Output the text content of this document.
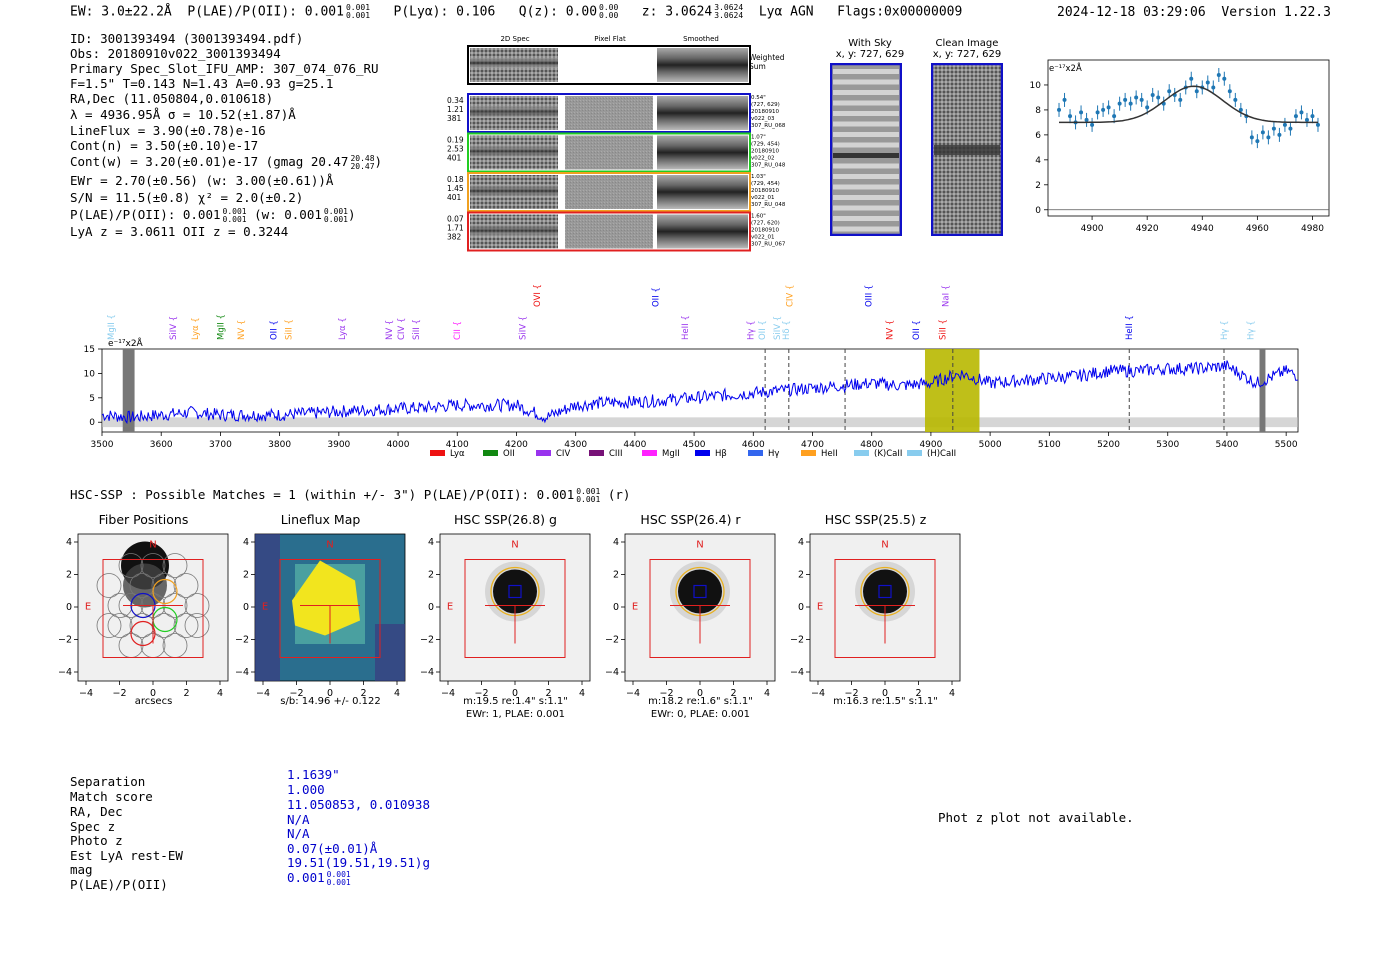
EW: 3.0±22.2Å P(LAE)/P(OII): 0.001 0.001
0.001 P(Lyα): 0.106 Q(z): 0.00 0.00
0.00 z: 3.0624 3.0624
3.0624 Lyα AGN Flags:0x00000009	2024-12-18 03:29:06 Version 1.22.3
ID: 3001393494 (3001393494.pdf)
Obs: 20180910v022_3001393494
Primary Spec_Slot_IFU_AMP: 307_074_076_RU
F=1.5" T=0.143 N=1.43 A=0.93 g=25.1
RA,Dec (11.050804,0.010618)
λ = 4936.95Å σ = 10.52(±1.87)Å
LineFlux = 3.90(±0.78)e-16
Cont(n) = 3.50(±0.10)e-17
Cont(w) = 3.20(±0.01)e-17 (gmag 20.47 20.48
20.47 )
EWr = 2.70(±0.56) (w: 3.00(±0.61))Å
S/N = 11.5(±0.8) χ² = 2.0(±0.2)
P(LAE)/P(OII): 0.001 0.001
0.001 (w: 0.001 0.001
0.001 )
LyA z = 3.0611 OII z = 0.3244
2D Spec	Pixel Flat	Smoothed
Weighted Sum
0.34
1.21
381
0.54"
(727, 629)
20180910
v022_03
307_RU_068
0.19
2.53
401
1.07"
(729, 454)
20180910
v022_02
307_RU_048
0.18
1.45
401
1.03"
(729, 454)
20180910
v022_01
307_RU_048
0.07
1.71
382
1.60"
(727, 620)
20180910
v022_01
307_RU_067
With Sky
x, y: 727, 629
Clean Image
x, y: 727, 629
e⁻¹⁷x2Å
4900	4920	4940	4960	4980
0
2
4
6
8
10
MgII {	SiIV { Lyα { MgII { NV {	OII { SiII {	Lyα {	NV { CIV { SiII {	CII {	SiIV {
OVI {	OII {
HeII {	Hγ { SiIV {
CIV {
OII { Hδ {
OIII {
NV { OII { SiII {
NaI {
HeII {	Hγ { Hγ {
e⁻¹⁷x2Å
3500	3600	3700	3800	3900	4000	4100	4200	4300	4400	4500	4600	4700	4800	4900	5000	5100	5200	5300	5400	5500
0
5
10
15
Lyα	OII	CIV	CIII	MgII	Hβ	Hγ	HeII	(K)CaII	(H)CaII
HSC-SSP : Possible Matches = 1 (within +/- 3") P(LAE)/P(OII): 0.001 0.001
0.001 (r)
Fiber Positions
N
E
−4
4
−2
2
0
0
2
−2
4
−4
arcsecs
Lineflux Map
N
E
−4
4
−2
2
0
0
2
−2
4
−4
s/b: 14.96 +/- 0.122
HSC SSP(26.8) g
N
E
−4
4
−2
2
0
0
2
−2
4
−4
m:19.5 re:1.4" s:1.1"
EWr: 1, PLAE: 0.001
HSC SSP(26.4) r
N
E
−4
4
−2
2
0
0
2
−2
4
−4
m:18.2 re:1.6" s:1.1"
EWr: 0, PLAE: 0.001
HSC SSP(25.5) z
N
E
−4
4
−2
2
0
0
2
−2
4
−4
m:16.3 re:1.5" s:1.1"
Separation	1.1639"
Match score	1.000
RA, Dec	11.050853, 0.010938
Spec z	N/A
Photo z	N/A
Est LyA rest-EW	0.07(±0.01)Å
mag	19.51(19.51,19.51)g
P(LAE)/P(OII)	0.001 0.001
0.001
Phot z plot not available.
